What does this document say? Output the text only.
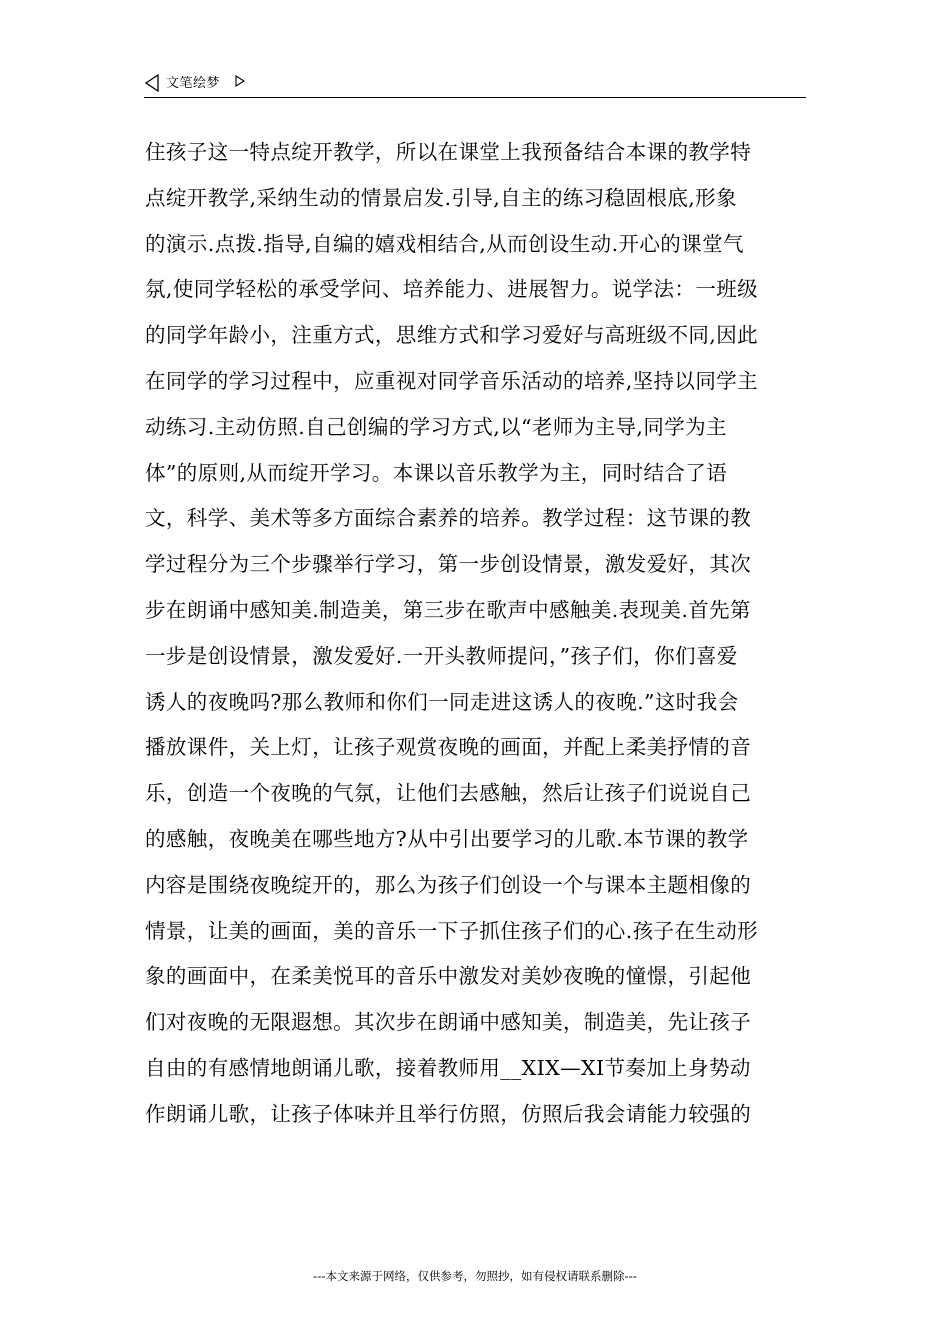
文笔绘梦
住孩子这一特点绽开教学，所以在课堂上我预备结合本课的教学特
点绽开教学,采纳生动的情景启发.引导,自主的练习稳固根底,形象
的演示.点拨.指导,自编的嬉戏相结合,从而创设生动.开心的课堂气
氛,使同学轻松的承受学问、培养能力、进展智力。说学法：一班级
的同学年龄小，注重方式，思维方式和学习爱好与高班级不同,因此
在同学的学习过程中，应重视对同学音乐活动的培养,坚持以同学主
动练习.主动仿照.自己创编的学习方式,以“老师为主导,同学为主
体”的原则,从而绽开学习。本课以音乐教学为主，同时结合了语
文，科学、美术等多方面综合素养的培养。教学过程：这节课的教
学过程分为三个步骤举行学习，第一步创设情景，激发爱好，其次
步在朗诵中感知美.制造美，第三步在歌声中感触美.表现美.首先第
一步是创设情景，激发爱好.一开头教师提问，”孩子们，你们喜爱
诱人的夜晚吗?那么教师和你们一同走进这诱人的夜晚.”这时我会
播放课件，关上灯，让孩子观赏夜晚的画面，并配上柔美抒情的音
乐，创造一个夜晚的气氛，让他们去感触，然后让孩子们说说自己
的感触，夜晚美在哪些地方?从中引出要学习的儿歌.本节课的教学
内容是围绕夜晚绽开的，那么为孩子们创设一个与课本主题相像的
情景，让美的画面，美的音乐一下子抓住孩子们的心.孩子在生动形
象的画面中，在柔美悦耳的音乐中激发对美妙夜晚的憧憬，引起他
们对夜晚的无限遐想。其次步在朗诵中感知美，制造美，先让孩子
自由的有感情地朗诵儿歌，接着教师用__XIX—XI节奏加上身势动
作朗诵儿歌，让孩子体味并且举行仿照，仿照后我会请能力较强的
---本文来源于网络，仅供参考，勿照抄，如有侵权请联系删除---
